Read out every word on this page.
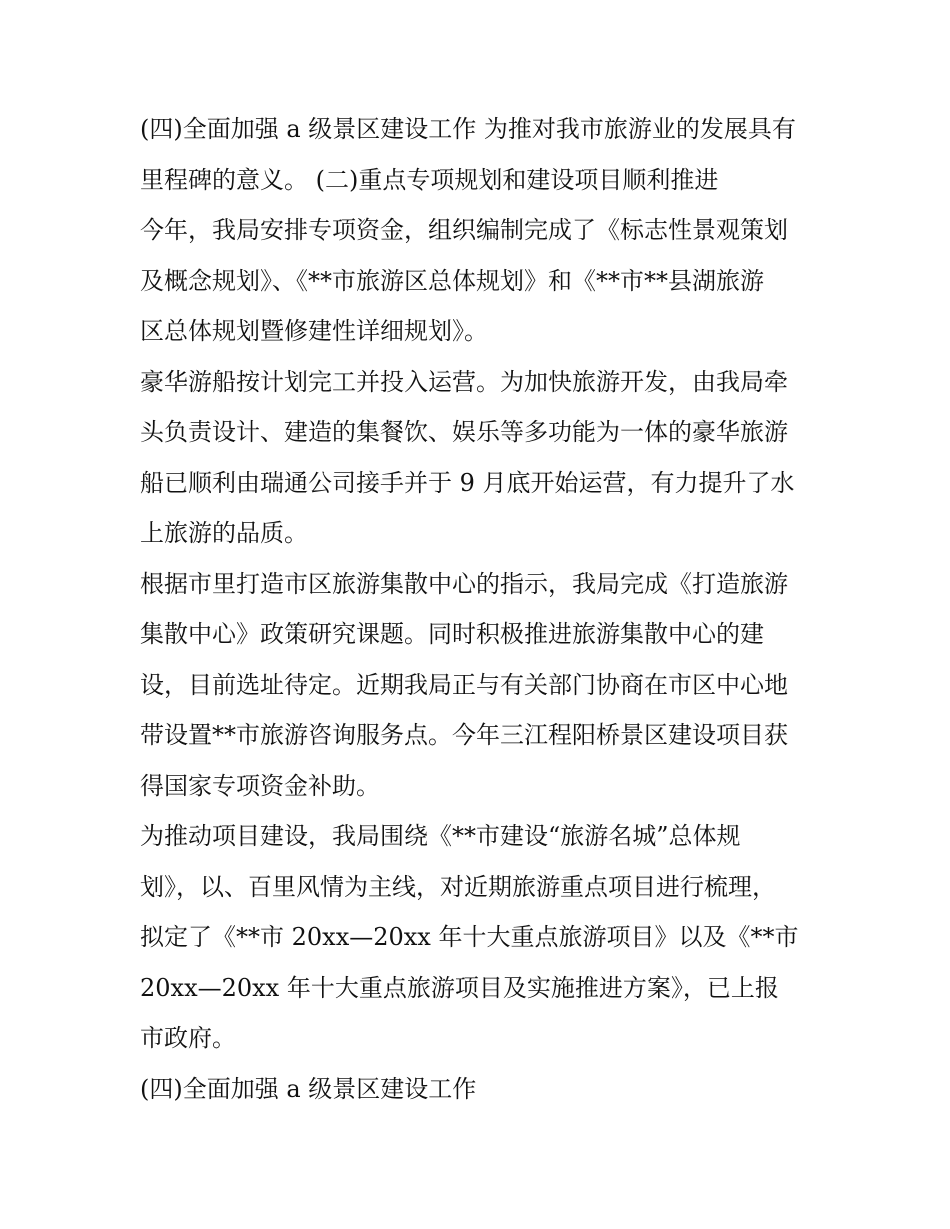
(四)全面加强 a 级景区建设工作 为推对我市旅游业的发展具有
里程碑的意义。 (二)重点专项规划和建设项目顺利推进
今年，我局安排专项资金，组织编制完成了《标志性景观策划
及概念规划》、《**市旅游区总体规划》和《**市**县湖旅游
区总体规划暨修建性详细规划》。
豪华游船按计划完工并投入运营。为加快旅游开发，由我局牵
头负责设计、建造的集餐饮、娱乐等多功能为一体的豪华旅游
船已顺利由瑞通公司接手并于 9 月底开始运营，有力提升了水
上旅游的品质。
根据市里打造市区旅游集散中心的指示，我局完成《打造旅游
集散中心》政策研究课题。同时积极推进旅游集散中心的建
设，目前选址待定。近期我局正与有关部门协商在市区中心地
带设置**市旅游咨询服务点。今年三江程阳桥景区建设项目获
得国家专项资金补助。
为推动项目建设，我局围绕《**市建设“旅游名城”总体规
划》，以、百里风情为主线，对近期旅游重点项目进行梳理，
拟定了《**市 20xx—20xx 年十大重点旅游项目》以及《**市
20xx—20xx 年十大重点旅游项目及实施推进方案》，已上报
市政府。
(四)全面加强 a 级景区建设工作
